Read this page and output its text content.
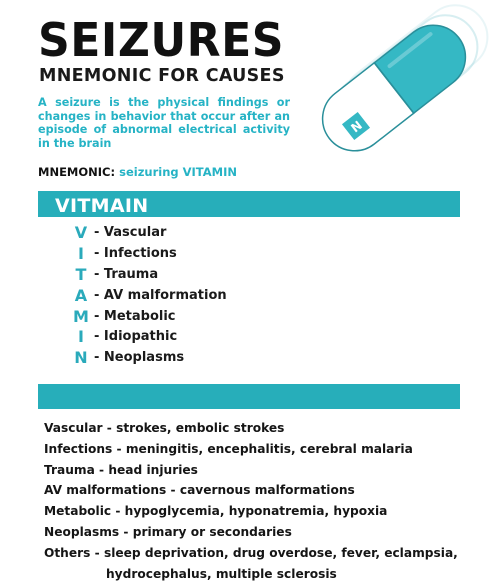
SEIZURES
MNEMONIC FOR CAUSES

A seizure is the physical findings or changes in behavior that occur after an episode of abnormal electrical activity in the brain

MNEMONIC: seizuring VITAMIN

N
VITMAIN
V - Vascular
I - Infections
T - Trauma
A - AV malformation
M - Metabolic
I - Idiopathic
N - Neoplasms
Vascular - strokes, embolic strokes
Infections - meningitis, encephalitis, cerebral malaria
Trauma - head injuries
AV malformations - cavernous malformations
Metabolic - hypoglycemia, hyponatremia, hypoxia
Neoplasms - primary or secondaries
Others - sleep deprivation, drug overdose, fever, eclampsia,
hydrocephalus, multiple sclerosis
